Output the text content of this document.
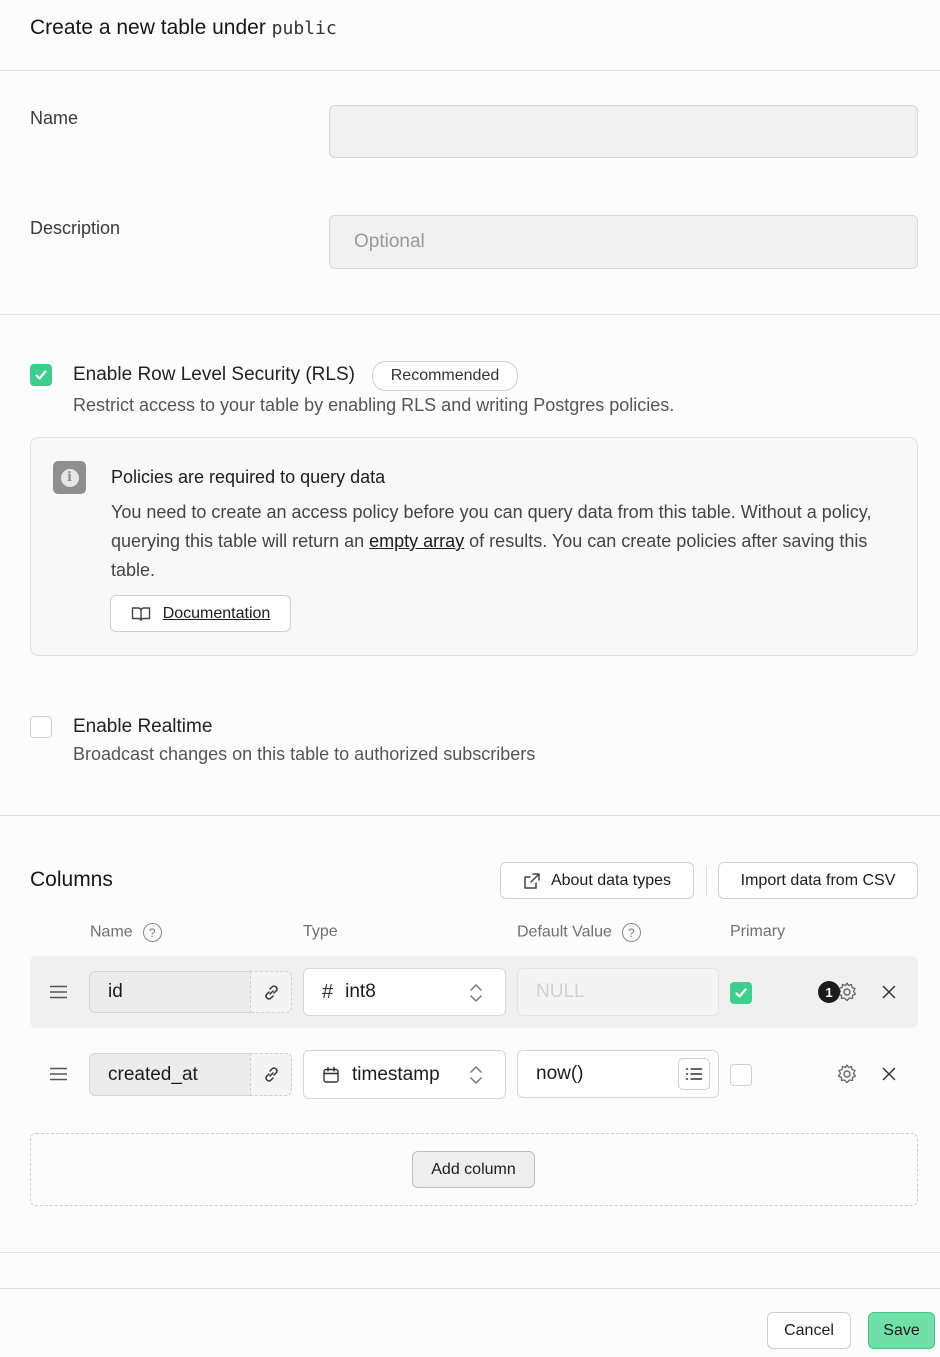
Create a new table under public
Name
Description
Optional
Enable Row Level Security (RLS)	Recommended
Restrict access to your table by enabling RLS and writing Postgres policies.
i	Policies are required to query data
You need to create an access policy before you can query data from this table. Without a policy, querying this table will return an empty array of results. You can create policies after saving this table.
Documentation
Enable Realtime
Broadcast changes on this table to authorized subscribers
Columns	About data types	Import data from CSV
Name ?	Type	Default Value ?	Primary
id	# int8	NULL	1
created_at	timestamp	now()
Add column
Cancel	Save
